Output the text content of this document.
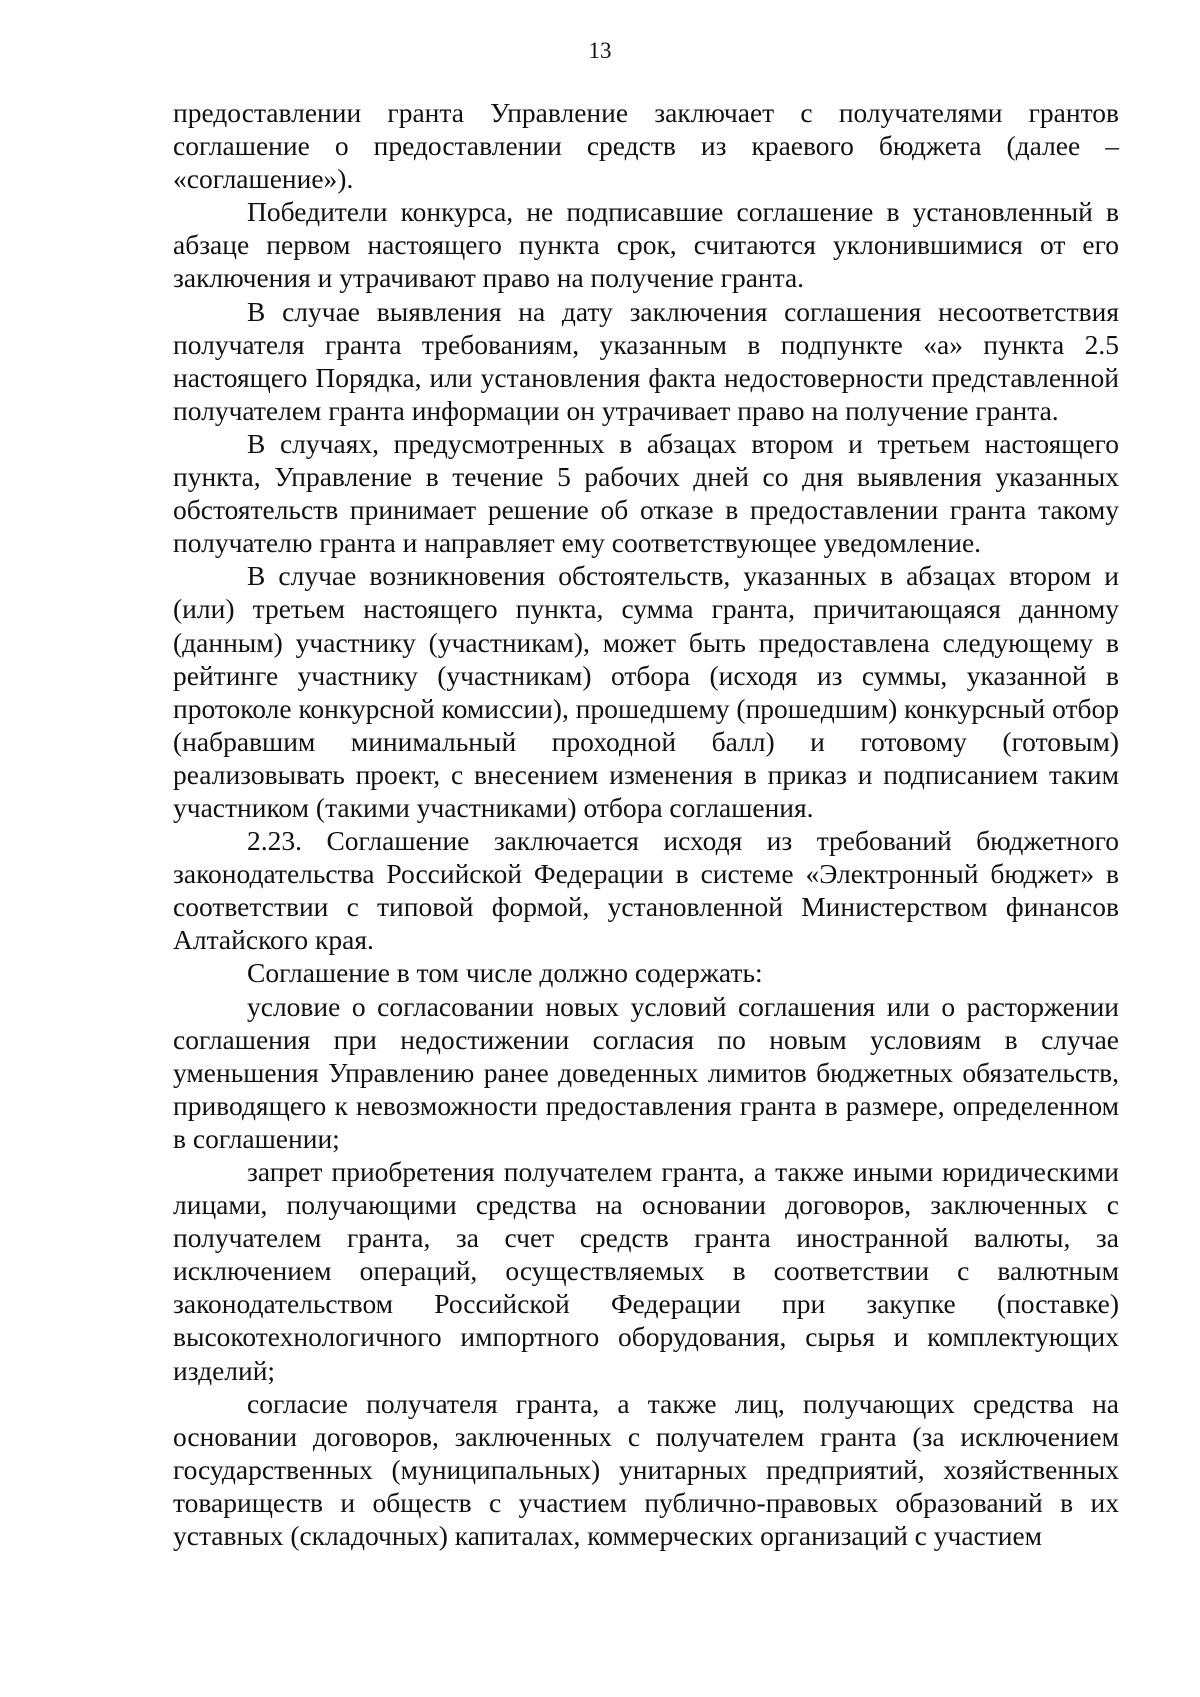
13

предоставлении гранта Управление заключает с получателями грантов соглашение о предоставлении средств из краевого бюджета (далее – «соглашение»).

Победители конкурса, не подписавшие соглашение в установленный в абзаце первом настоящего пункта срок, считаются уклонившимися от его заключения и утрачивают право на получение гранта.

В случае выявления на дату заключения соглашения несоответствия получателя гранта требованиям, указанным в подпункте «а» пункта 2.5 настоящего Порядка, или установления факта недостоверности представленной получателем гранта информации он утрачивает право на получение гранта.

В случаях, предусмотренных в абзацах втором и третьем настоящего пункта, Управление в течение 5 рабочих дней со дня выявления указанных обстоятельств принимает решение об отказе в предоставлении гранта такому получателю гранта и направляет ему соответствующее уведомление.

В случае возникновения обстоятельств, указанных в абзацах втором и (или) третьем настоящего пункта, сумма гранта, причитающаяся данному (данным) участнику (участникам), может быть предоставлена следующему в рейтинге участнику (участникам) отбора (исходя из суммы, указанной в протоколе конкурсной комиссии), прошедшему (прошедшим) конкурсный отбор (набравшим минимальный проходной балл) и готовому (готовым) реализовывать проект, с внесением изменения в приказ и подписанием таким участником (такими участниками) отбора соглашения.

2.23. Соглашение заключается исходя из требований бюджетного законодательства Российской Федерации в системе «Электронный бюджет» в соответствии с типовой формой, установленной Министерством финансов Алтайского края.

Соглашение в том числе должно содержать:

условие о согласовании новых условий соглашения или о расторжении соглашения при недостижении согласия по новым условиям в случае уменьшения Управлению ранее доведенных лимитов бюджетных обязательств, приводящего к невозможности предоставления гранта в размере, определенном в соглашении;

запрет приобретения получателем гранта, а также иными юридическими лицами, получающими средства на основании договоров, заключенных с получателем гранта, за счет средств гранта иностранной валюты, за исключением операций, осуществляемых в соответствии с валютным законодательством Российской Федерации при закупке (поставке) высокотехнологичного импортного оборудования, сырья и комплектующих изделий;

согласие получателя гранта, а также лиц, получающих средства на основании договоров, заключенных с получателем гранта (за исключением государственных (муниципальных) унитарных предприятий, хозяйственных товариществ и обществ с участием публично-правовых образований в их уставных (складочных) капиталах, коммерческих организаций с участием
